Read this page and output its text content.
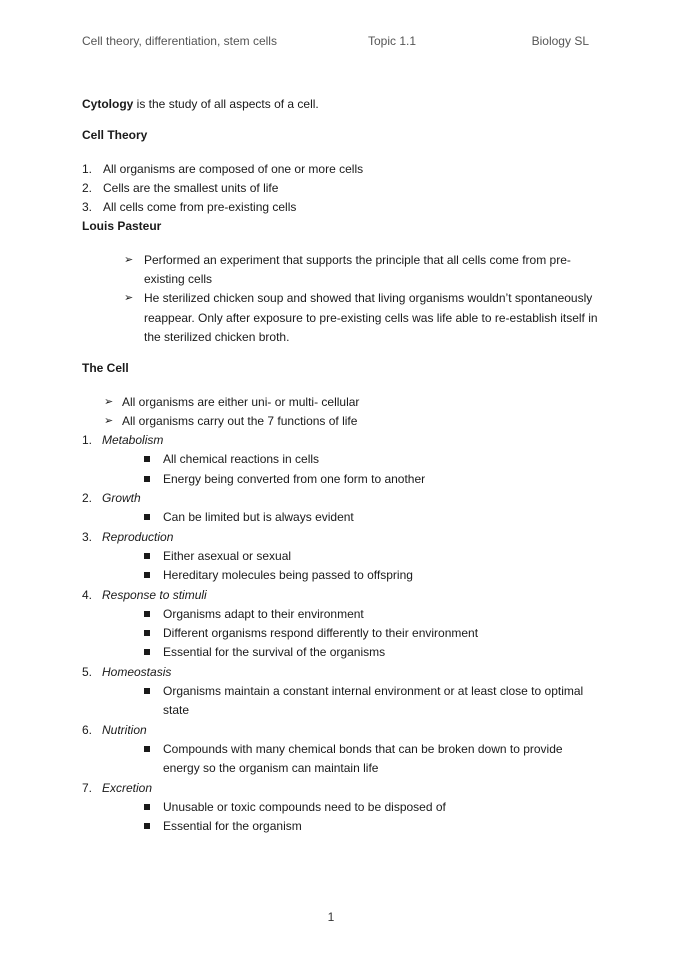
Cell theory, differentiation, stem cells	Topic 1.1	Biology SL

Cytology is the study of all aspects of a cell.

Cell Theory

1. All organisms are composed of one or more cells
2. Cells are the smallest units of life
3. All cells come from pre-existing cells

Louis Pasteur

➢ Performed an experiment that supports the principle that all cells come from pre-existing cells
➢ He sterilized chicken soup and showed that living organisms wouldn’t spontaneously reappear. Only after exposure to pre-existing cells was life able to re-establish itself in the sterilized chicken broth.

The Cell

➢ All organisms are either uni- or multi- cellular
➢ All organisms carry out the 7 functions of life
1. Metabolism
All chemical reactions in cells
Energy being converted from one form to another
2. Growth
Can be limited but is always evident
3. Reproduction
Either asexual or sexual
Hereditary molecules being passed to offspring
4. Response to stimuli
Organisms adapt to their environment
Different organisms respond differently to their environment
Essential for the survival of the organisms
5. Homeostasis
Organisms maintain a constant internal environment or at least close to optimal state
6. Nutrition
Compounds with many chemical bonds that can be broken down to provide energy so the organism can maintain life
7. Excretion
Unusable or toxic compounds need to be disposed of
Essential for the organism
1
